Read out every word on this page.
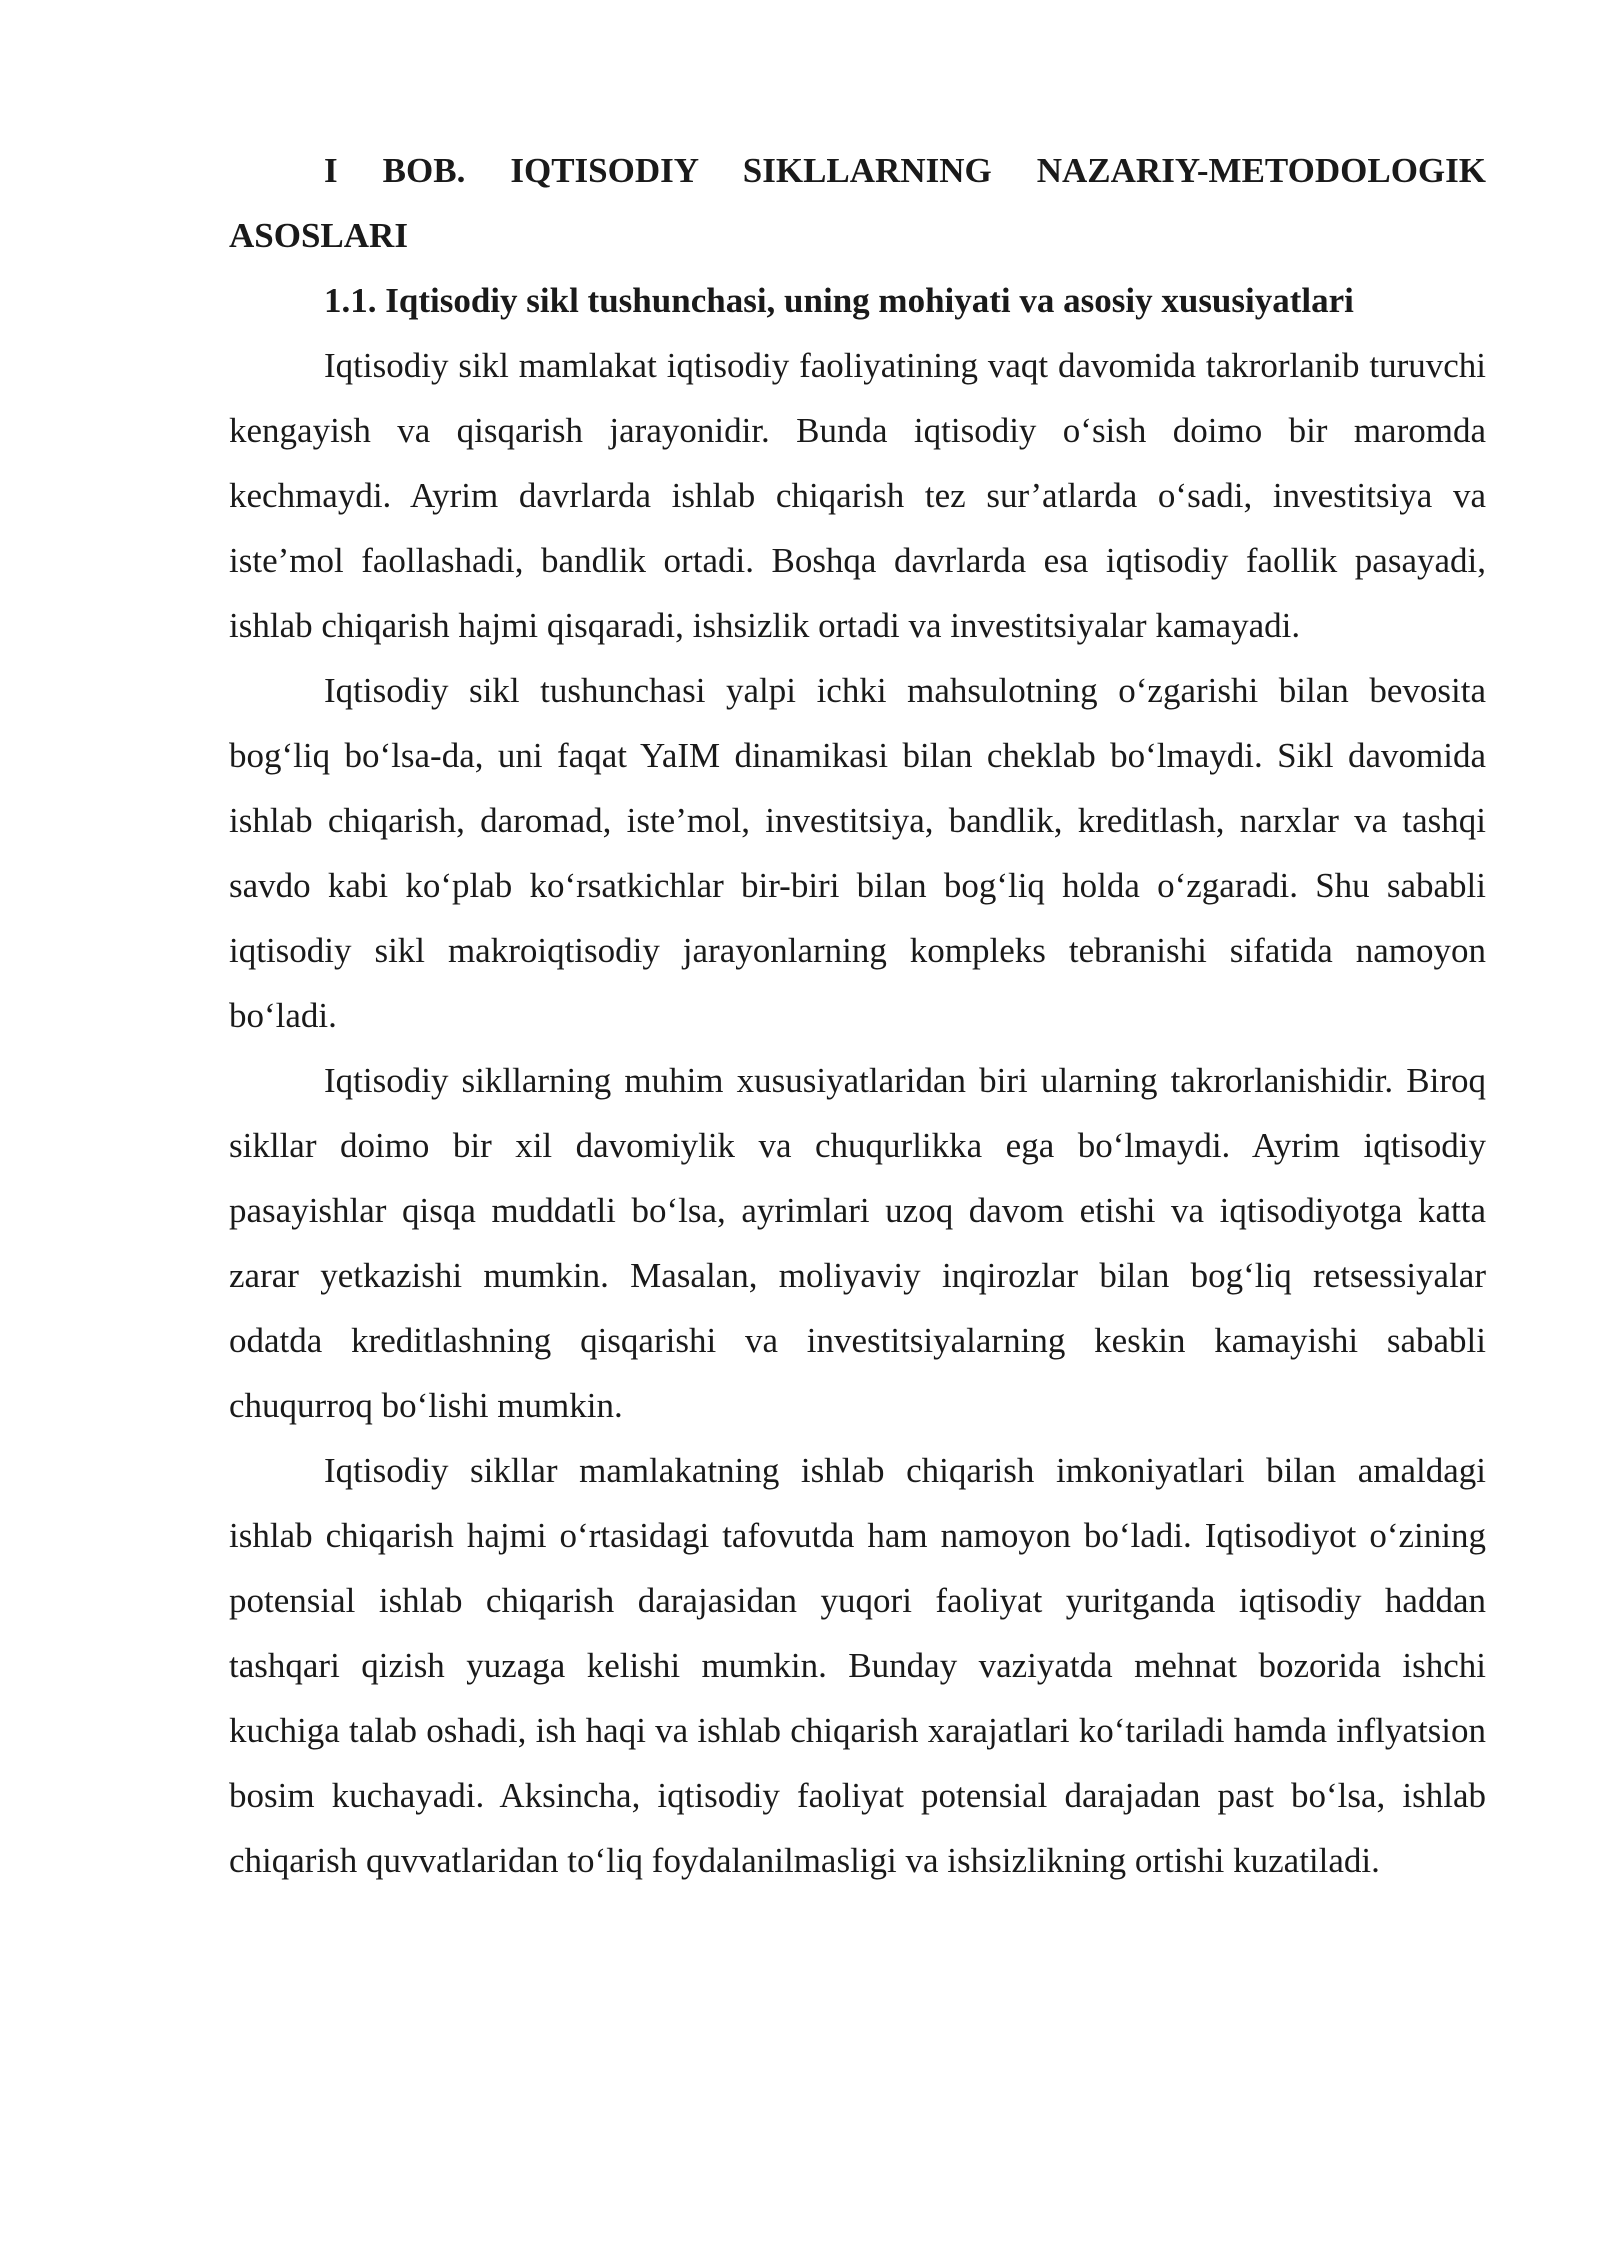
I BOB. IQTISODIY SIKLLARNING NAZARIY-METODOLOGIK ASOSLARI

1.1. Iqtisodiy sikl tushunchasi, uning mohiyati va asosiy xususiyatlari

Iqtisodiy sikl mamlakat iqtisodiy faoliyatining vaqt davomida takrorlanib turuvchi kengayish va qisqarish jarayonidir. Bunda iqtisodiy o‘sish doimo bir maromda kechmaydi. Ayrim davrlarda ishlab chiqarish tez sur’atlarda o‘sadi, investitsiya va iste’mol faollashadi, bandlik ortadi. Boshqa davrlarda esa iqtisodiy faollik pasayadi, ishlab chiqarish hajmi qisqaradi, ishsizlik ortadi va investitsiyalar kamayadi.

Iqtisodiy sikl tushunchasi yalpi ichki mahsulotning o‘zgarishi bilan bevosita bog‘liq bo‘lsa-da, uni faqat YaIM dinamikasi bilan cheklab bo‘lmaydi. Sikl davomida ishlab chiqarish, daromad, iste’mol, investitsiya, bandlik, kreditlash, narxlar va tashqi savdo kabi ko‘plab ko‘rsatkichlar bir-biri bilan bog‘liq holda o‘zgaradi. Shu sababli iqtisodiy sikl makroiqtisodiy jarayonlarning kompleks tebranishi sifatida namoyon bo‘ladi.

Iqtisodiy sikllarning muhim xususiyatlaridan biri ularning takrorlanishidir. Biroq sikllar doimo bir xil davomiylik va chuqurlikka ega bo‘lmaydi. Ayrim iqtisodiy pasayishlar qisqa muddatli bo‘lsa, ayrimlari uzoq davom etishi va iqtisodiyotga katta zarar yetkazishi mumkin. Masalan, moliyaviy inqirozlar bilan bog‘liq retsessiyalar odatda kreditlashning qisqarishi va investitsiyalarning keskin kamayishi sababli chuqurroq bo‘lishi mumkin.

Iqtisodiy sikllar mamlakatning ishlab chiqarish imkoniyatlari bilan amaldagi ishlab chiqarish hajmi o‘rtasidagi tafovutda ham namoyon bo‘ladi. Iqtisodiyot o‘zining potensial ishlab chiqarish darajasidan yuqori faoliyat yuritganda iqtisodiy haddan tashqari qizish yuzaga kelishi mumkin. Bunday vaziyatda mehnat bozorida ishchi kuchiga talab oshadi, ish haqi va ishlab chiqarish xarajatlari ko‘tariladi hamda inflyatsion bosim kuchayadi. Aksincha, iqtisodiy faoliyat potensial darajadan past bo‘lsa, ishlab chiqarish quvvatlaridan to‘liq foydalanilmasligi va ishsizlikning ortishi kuzatiladi.
